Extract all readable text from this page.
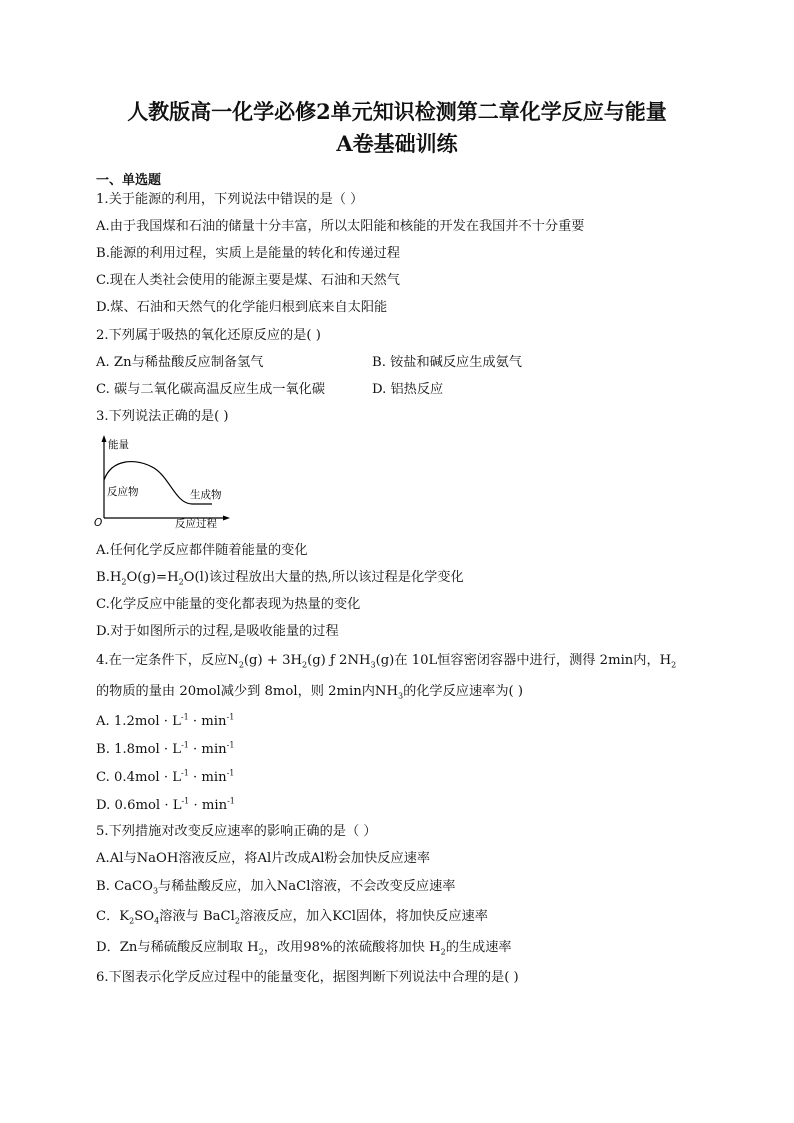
人教版高一化学必修2单元知识检测第二章化学反应与能量
A卷基础训练
一、单选题
1.关于能源的利用，下列说法中错误的是（ ）
A.由于我国煤和石油的储量十分丰富，所以太阳能和核能的开发在我国并不十分重要
B.能源的利用过程，实质上是能量的转化和传递过程
C.现在人类社会使用的能源主要是煤、石油和天然气
D.煤、石油和天然气的化学能归根到底来自太阳能
2.下列属于吸热的氧化还原反应的是( )
A. Zn与稀盐酸反应制备氢气	B. 铵盐和碱反应生成氨气
C. 碳与二氧化碳高温反应生成一氧化碳	D. 铝热反应
3.下列说法正确的是( )
能量
O	反应过程
反应物	生成物
A.任何化学反应都伴随着能量的变化
$B.H_2O(g)=H_2O(l)$该过程放出大量的热,所以该过程是化学变化
C.化学反应中能量的变化都表现为热量的变化
D.对于如图所示的过程,是吸收能量的过程
4.在一定条件下，反应$N_2(g) + 3H_2(g)$ ƒ $2NH_3(g)$在 10L恒容密闭容器中进行，测得 2min内，$H_2$
的物质的量由 20mol减少到 8mol，则 2min内$NH_3$的化学反应速率为( )
A. $1.2mol \cdot L^{-1} \cdot \min^{-1}$
B. $1.8mol \cdot L^{-1} \cdot \min^{-1}$
C. $0.4mol \cdot L^{-1} \cdot \min^{-1}$
D. $0.6mol \cdot L^{-1} \cdot \min^{-1}$
5.下列措施对改变反应速率的影响正确的是（ ）
A.Al与NaOH溶液反应，将Al片改成Al粉会加快反应速率
B. CaCO$_3$与稀盐酸反应，加入NaCl溶液，不会改变反应速率
C．$K_2SO_4$溶液与 BaCl$_2$溶液反应，加入KCl固体，将加快反应速率
D．Zn与稀硫酸反应制取 $H_2$，改用98%的浓硫酸将加快 $H_2$的生成速率
6.下图表示化学反应过程中的能量变化，据图判断下列说法中合理的是( )
